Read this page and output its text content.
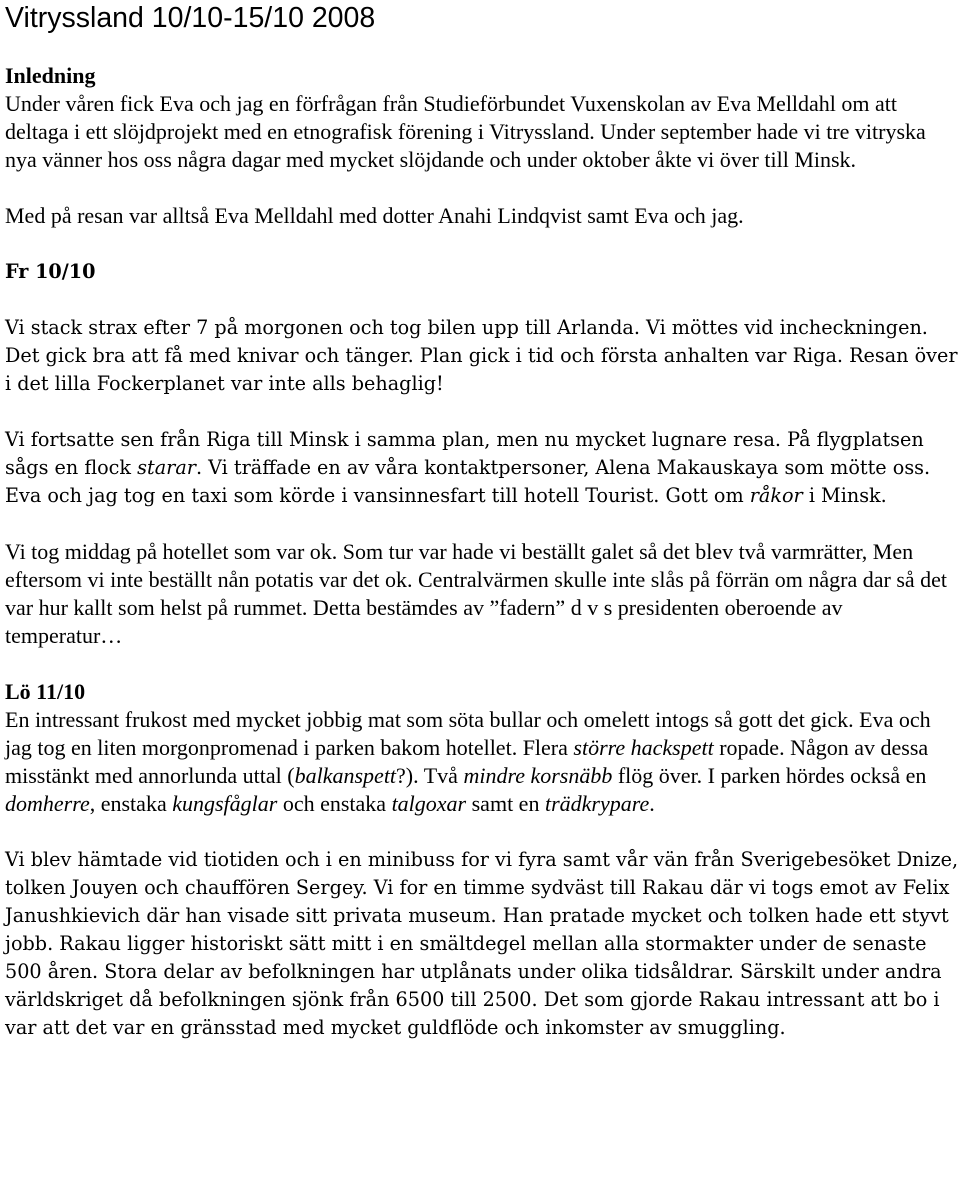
Vitryssland 10/10-15/10 2008

Inledning

Under våren fick Eva och jag en förfrågan från Studieförbundet Vuxenskolan av Eva Melldahl om att deltaga i ett slöjdprojekt med en etnografisk förening i Vitryssland. Under september hade vi tre vitryska nya vänner hos oss några dagar med mycket slöjdande och under oktober åkte vi över till Minsk.

Med på resan var alltså Eva Melldahl med dotter Anahi Lindqvist samt Eva och jag.

Fr 10/10

Vi stack strax efter 7 på morgonen och tog bilen upp till Arlanda. Vi möttes vid incheckningen. Det gick bra att få med knivar och tänger. Plan gick i tid och första anhalten var Riga. Resan över i det lilla Fockerplanet var inte alls behaglig!

Vi fortsatte sen från Riga till Minsk i samma plan, men nu mycket lugnare resa. På flygplatsen sågs en flock starar. Vi träffade en av våra kontaktpersoner, Alena Makauskaya som mötte oss. Eva och jag tog en taxi som körde i vansinnesfart till hotell Tourist. Gott om råkor i Minsk.

Vi tog middag på hotellet som var ok. Som tur var hade vi beställt galet så det blev två varmrätter, Men eftersom vi inte beställt nån potatis var det ok. Centralvärmen skulle inte slås på förrän om några dar så det var hur kallt som helst på rummet. Detta bestämdes av ”fadern” d v s presidenten oberoende av temperatur…

Lö 11/10

En intressant frukost med mycket jobbig mat som söta bullar och omelett intogs så gott det gick. Eva och jag tog en liten morgonpromenad i parken bakom hotellet. Flera större hackspett ropade. Någon av dessa misstänkt med annorlunda uttal (balkanspett?). Två mindre korsnäbb flög över. I parken hördes också en domherre, enstaka kungsfåglar och enstaka talgoxar samt en trädkrypare.

Vi blev hämtade vid tiotiden och i en minibuss for vi fyra samt vår vän från Sverigebesöket Dnize, tolken Jouyen och chauffören Sergey. Vi for en timme sydväst till Rakau där vi togs emot av Felix Janushkievich där han visade sitt privata museum. Han pratade mycket och tolken hade ett styvt jobb. Rakau ligger historiskt sätt mitt i en smältdegel mellan alla stormakter under de senaste 500 åren. Stora delar av befolkningen har utplånats under olika tidsåldrar. Särskilt under andra världskriget då befolkningen sjönk från 6500 till 2500. Det som gjorde Rakau intressant att bo i var att det var en gränsstad med mycket guldflöde och inkomster av smuggling.
